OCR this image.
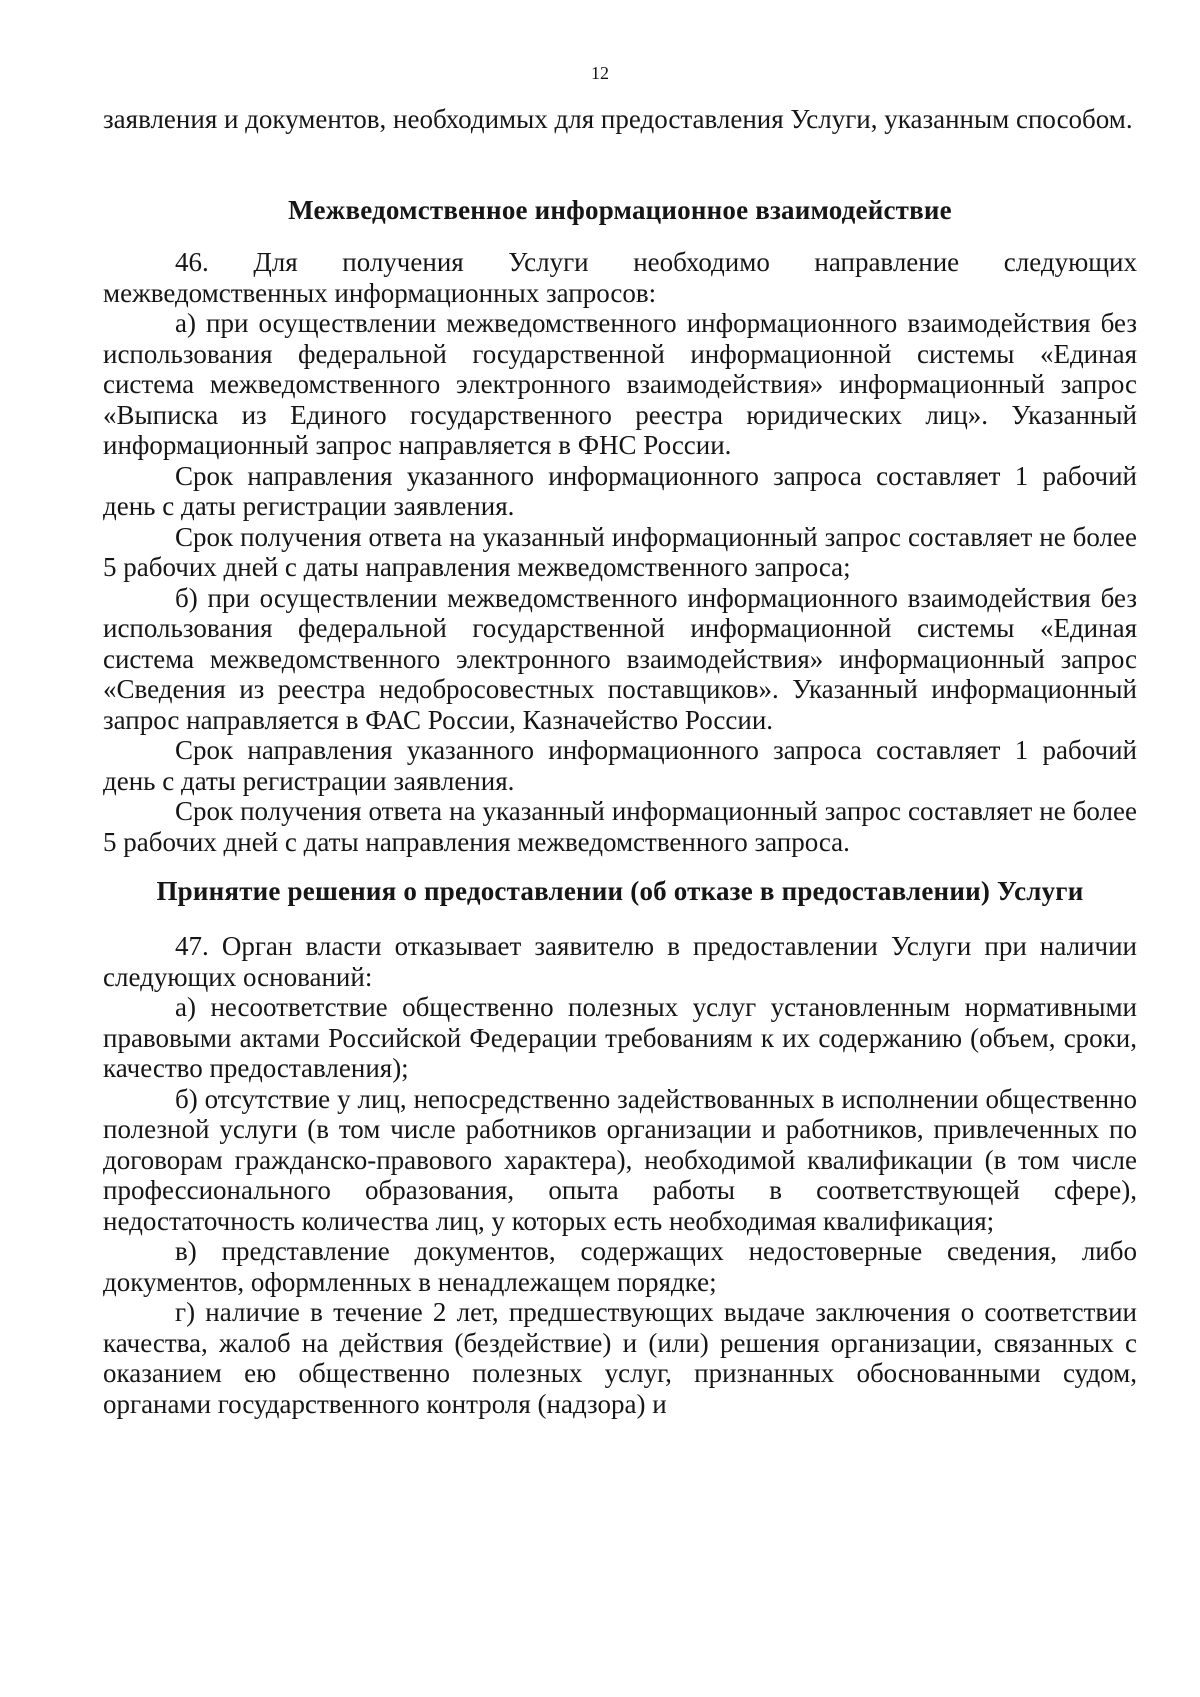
12

заявления и документов, необходимых для предоставления Услуги, указанным способом.

Межведомственное информационное взаимодействие

46. Для получения Услуги необходимо направление следующих межведомственных информационных запросов:

а) при осуществлении межведомственного информационного взаимодействия без использования федеральной государственной информационной системы «Единая система межведомственного электронного взаимодействия» информационный запрос «Выписка из Единого государственного реестра юридических лиц». Указанный информационный запрос направляется в ФНС России.

Срок направления указанного информационного запроса составляет 1 рабочий день с даты регистрации заявления.

Срок получения ответа на указанный информационный запрос составляет не более 5 рабочих дней с даты направления межведомственного запроса;

б) при осуществлении межведомственного информационного взаимодействия без использования федеральной государственной информационной системы «Единая система межведомственного электронного взаимодействия» информационный запрос «Сведения из реестра недобросовестных поставщиков». Указанный информационный запрос направляется в ФАС России, Казначейство России.

Срок направления указанного информационного запроса составляет 1 рабочий день с даты регистрации заявления.

Срок получения ответа на указанный информационный запрос составляет не более 5 рабочих дней с даты направления межведомственного запроса.

Принятие решения о предоставлении (об отказе в предоставлении) Услуги

47. Орган власти отказывает заявителю в предоставлении Услуги при наличии следующих оснований:

а) несоответствие общественно полезных услуг установленным нормативными правовыми актами Российской Федерации требованиям к их содержанию (объем, сроки, качество предоставления);

б) отсутствие у лиц, непосредственно задействованных в исполнении общественно полезной услуги (в том числе работников организации и работников, привлеченных по договорам гражданско-правового характера), необходимой квалификации (в том числе профессионального образования, опыта работы в соответствующей сфере), недостаточность количества лиц, у которых есть необходимая квалификация;

в) представление документов, содержащих недостоверные сведения, либо документов, оформленных в ненадлежащем порядке;

г) наличие в течение 2 лет, предшествующих выдаче заключения о соответствии качества, жалоб на действия (бездействие) и (или) решения организации, связанных с оказанием ею общественно полезных услуг, признанных обоснованными судом, органами государственного контроля (надзора) и
